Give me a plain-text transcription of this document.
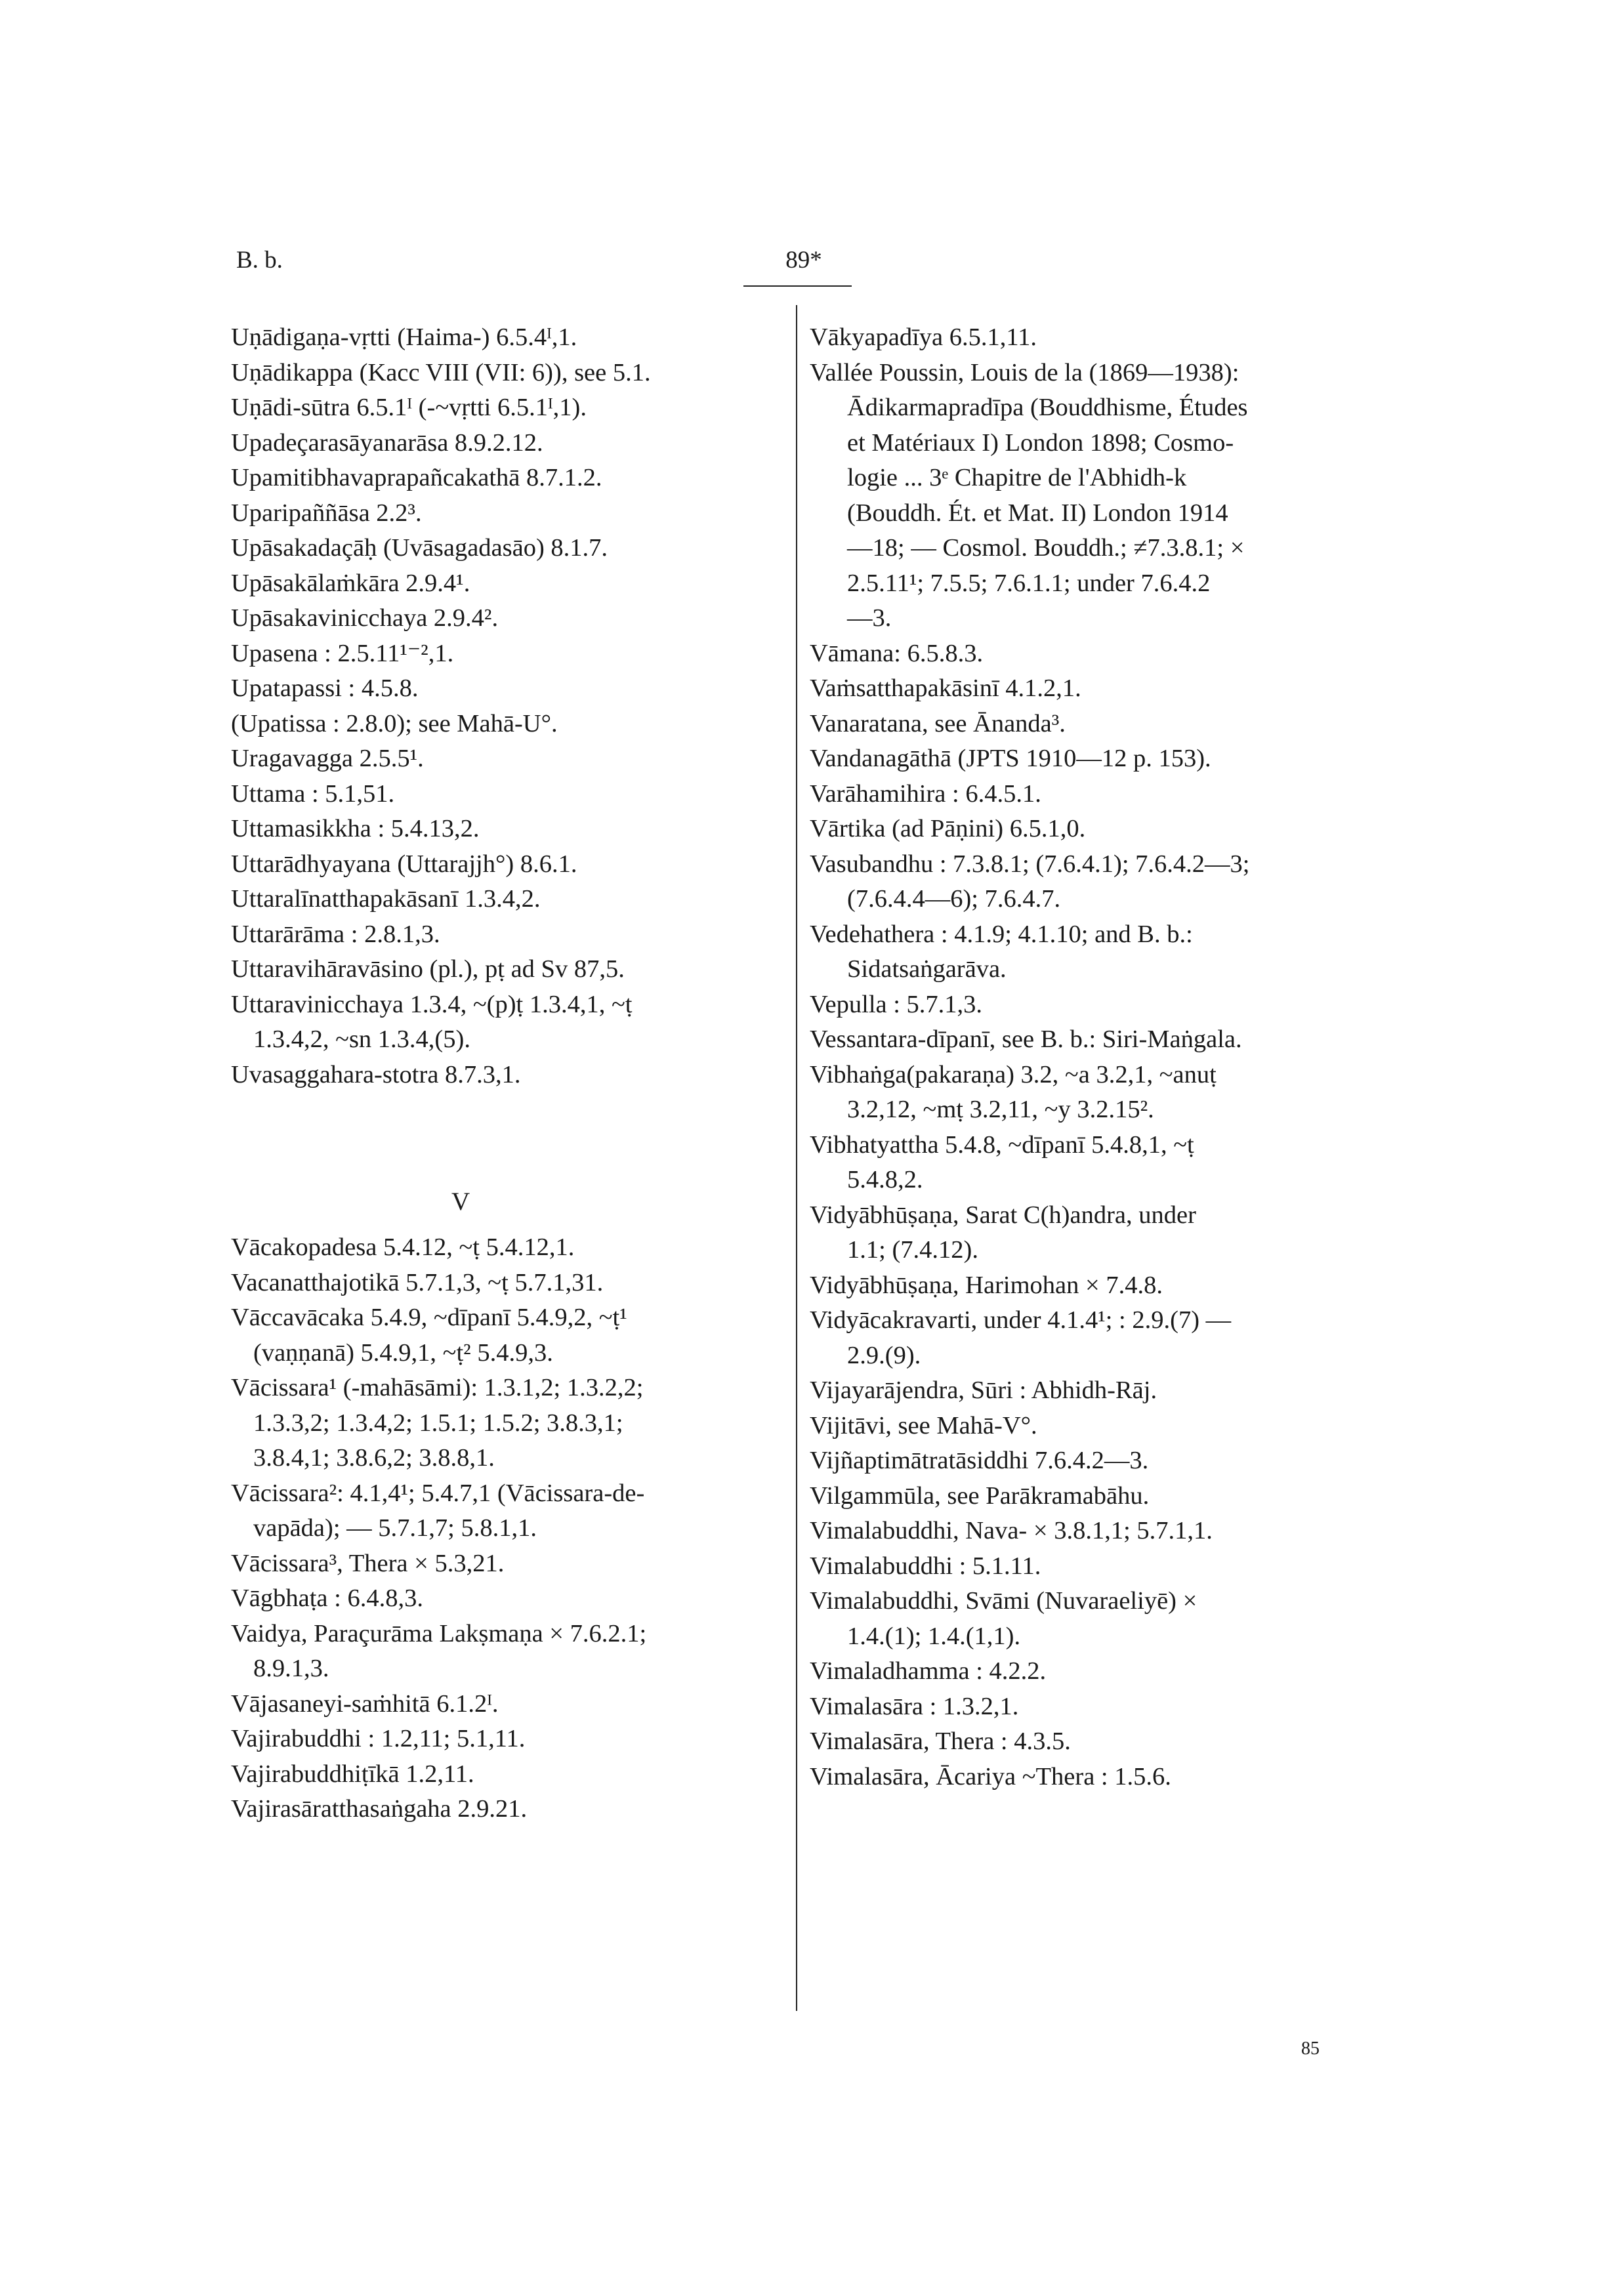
B. b.	89*
Uṇādigaṇa-vṛtti (Haima-) 6.5.4ᴵ,1.
Uṇādikappa (Kacc VIII (VII: 6)), see 5.1.
Uṇādi-sūtra 6.5.1ᴵ (-~vṛtti 6.5.1ᴵ,1).
Upadeçarasāyanarāsa 8.9.2.12.
Upamitibhavaprapañcakathā 8.7.1.2.
Uparipaññāsa 2.2³.
Upāsakadaçāḥ (Uvāsagadasāo) 8.1.7.
Upāsakālaṁkāra 2.9.4¹.
Upāsakavinicchaya 2.9.4².
Upasena : 2.5.11¹⁻²,1.
Upatapassi : 4.5.8.
(Upatissa : 2.8.0); see Mahā-U°.
Uragavagga 2.5.5¹.
Uttama : 5.1,51.
Uttamasikkha : 5.4.13,2.
Uttarādhyayana (Uttarajjh°) 8.6.1.
Uttaralīnatthapakāsanī 1.3.4,2.
Uttarārāma : 2.8.1,3.
Uttaravihāravāsino (pl.), pṭ ad Sv 87,5.
Uttaravinicchaya 1.3.4, ~(p)ṭ 1.3.4,1, ~ṭ
1.3.4,2, ~sn 1.3.4,(5).
Uvasaggahara-stotra 8.7.3,1.
V
Vācakopadesa 5.4.12, ~ṭ 5.4.12,1.
Vacanatthajotikā 5.7.1,3, ~ṭ 5.7.1,31.
Vāccavācaka 5.4.9, ~dīpanī 5.4.9,2, ~ṭ¹
(vaṇṇanā) 5.4.9,1, ~ṭ² 5.4.9,3.
Vācissara¹ (-mahāsāmi): 1.3.1,2; 1.3.2,2;
1.3.3,2; 1.3.4,2; 1.5.1; 1.5.2; 3.8.3,1;
3.8.4,1; 3.8.6,2; 3.8.8,1.
Vācissara²: 4.1,4¹; 5.4.7,1 (Vācissara-de-
vapāda); — 5.7.1,7; 5.8.1,1.
Vācissara³, Thera × 5.3,21.
Vāgbhaṭa : 6.4.8,3.
Vaidya, Paraçurāma Lakṣmaṇa × 7.6.2.1;
8.9.1,3.
Vājasaneyi-saṁhitā 6.1.2ᴵ.
Vajirabuddhi : 1.2,11; 5.1,11.
Vajirabuddhiṭīkā 1.2,11.
Vajirasāratthasaṅgaha 2.9.21.
Vākyapadīya 6.5.1,11.
Vallée Poussin, Louis de la (1869—1938):
Ādikarmapradīpa (Bouddhisme, Études
et Matériaux I) London 1898; Cosmo-
logie ... 3ᵉ Chapitre de l'Abhidh-k
(Bouddh. Ét. et Mat. II) London 1914
—18; — Cosmol. Bouddh.; ≠7.3.8.1; ×
2.5.11¹; 7.5.5; 7.6.1.1; under 7.6.4.2
—3.
Vāmana: 6.5.8.3.
Vaṁsatthapakāsinī 4.1.2,1.
Vanaratana, see Ānanda³.
Vandanagāthā (JPTS 1910—12 p. 153).
Varāhamihira : 6.4.5.1.
Vārtika (ad Pāṇini) 6.5.1,0.
Vasubandhu : 7.3.8.1; (7.6.4.1); 7.6.4.2—3;
(7.6.4.4—6); 7.6.4.7.
Vedehathera : 4.1.9; 4.1.10; and B. b.:
Sidatsaṅgarāva.
Vepulla : 5.7.1,3.
Vessantara-dīpanī, see B. b.: Siri-Maṅgala.
Vibhaṅga(pakaraṇa) 3.2, ~a 3.2,1, ~anuṭ
3.2,12, ~mṭ 3.2,11, ~y 3.2.15².
Vibhatyattha 5.4.8, ~dīpanī 5.4.8,1, ~ṭ
5.4.8,2.
Vidyābhūṣaṇa, Sarat C(h)andra, under
1.1; (7.4.12).
Vidyābhūṣaṇa, Harimohan × 7.4.8.
Vidyācakravarti, under 4.1.4¹; : 2.9.(7) —
2.9.(9).
Vijayarājendra, Sūri : Abhidh-Rāj.
Vijitāvi, see Mahā-V°.
Vijñaptimātratāsiddhi 7.6.4.2—3.
Vilgammūla, see Parākramabāhu.
Vimalabuddhi, Nava- × 3.8.1,1; 5.7.1,1.
Vimalabuddhi : 5.1.11.
Vimalabuddhi, Svāmi (Nuvaraeliyē) ×
1.4.(1); 1.4.(1,1).
Vimaladhamma : 4.2.2.
Vimalasāra : 1.3.2,1.
Vimalasāra, Thera : 4.3.5.
Vimalasāra, Ācariya ~Thera : 1.5.6.
85
